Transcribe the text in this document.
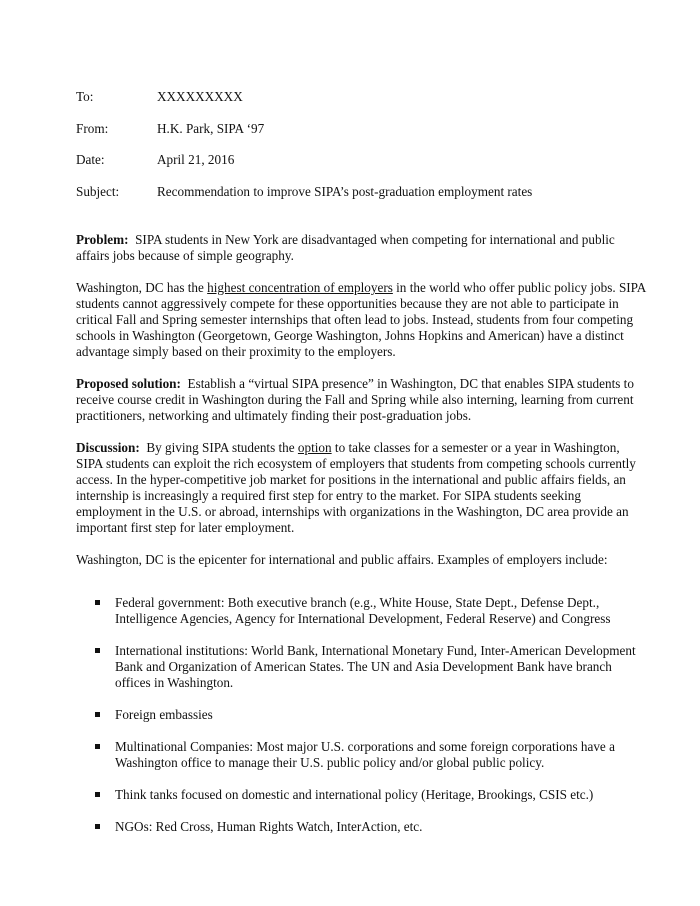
To:	XXXXXXXXX
From:	H.K. Park, SIPA ‘97
Date:	April 21, 2016
Subject:	Recommendation to improve SIPA’s post-graduation employment rates

Problem: SIPA students in New York are disadvantaged when competing for international and public affairs jobs because of simple geography.

Washington, DC has the highest concentration of employers in the world who offer public policy jobs. SIPA students cannot aggressively compete for these opportunities because they are not able to participate in critical Fall and Spring semester internships that often lead to jobs. Instead, students from four competing schools in Washington (Georgetown, George Washington, Johns Hopkins and American) have a distinct advantage simply based on their proximity to the employers.

Proposed solution: Establish a “virtual SIPA presence” in Washington, DC that enables SIPA students to receive course credit in Washington during the Fall and Spring while also interning, learning from current practitioners, networking and ultimately finding their post-graduation jobs.

Discussion: By giving SIPA students the option to take classes for a semester or a year in Washington, SIPA students can exploit the rich ecosystem of employers that students from competing schools currently access. In the hyper-competitive job market for positions in the international and public affairs fields, an internship is increasingly a required first step for entry to the market. For SIPA students seeking employment in the U.S. or abroad, internships with organizations in the Washington, DC area provide an important first step for later employment.

Washington, DC is the epicenter for international and public affairs. Examples of employers include:

Federal government: Both executive branch (e.g., White House, State Dept., Defense Dept., Intelligence Agencies, Agency for International Development, Federal Reserve) and Congress
International institutions: World Bank, International Monetary Fund, Inter-American Development Bank and Organization of American States. The UN and Asia Development Bank have branch offices in Washington.
Foreign embassies
Multinational Companies: Most major U.S. corporations and some foreign corporations have a Washington office to manage their U.S. public policy and/or global public policy.
Think tanks focused on domestic and international policy (Heritage, Brookings, CSIS etc.)
NGOs: Red Cross, Human Rights Watch, InterAction, etc.
